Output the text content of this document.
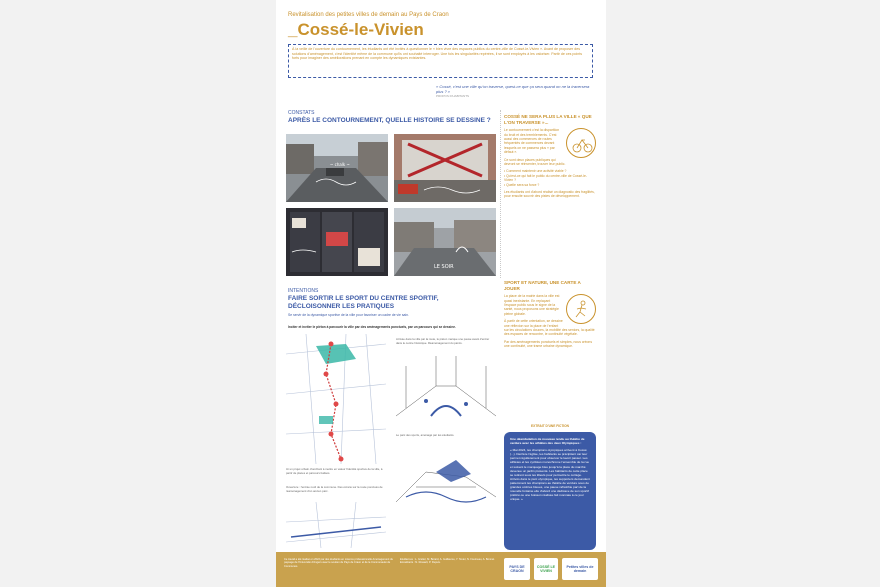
Revitalisation des petites villes de demain au Pays de Craon
_Cossé-le-Vivien
À la veille de l'ouverture du contournement, les étudiants ont été invités à questionner le « bien vivre des espaces publics du centre-ville de Cossé-le-Vivien ». Avant de proposer des solutions d'aménagement, c'est l'identité même de la commune qu'ils ont souhaité interroger. Une fois les singularités repérées, il se sont employés à les valoriser. Partir de ces points forts pour imaginer des améliorations prenant en compte les dynamiques existantes.
« Cossé, c'est une ville qu'on traverse, quest-ce que ça sera quand on ne la traversera plus ? »
PROPOS D'HABITANTS
CONSTATS
APRÈS LE CONTOURNEMENT, QUELLE HISTOIRE SE DESSINE ?
~ chalk ~
LE SOIR
COSSÉ NE SERA PLUS LA VILLE « QUE L'ON TRAVERSE »...

Le contournement c'est la disparition du bruit et des tremblements. C'est aussi des commerces de routes fréquentés de commerces devant lesquels on ne passera plus « par défaut ».

Ce sont deux places publiques qui devront se réinventer, trouver leur public.

• Comment maintenir une activité viable ?
• Qu'est-ce qui fait le public du centre-ville de Cossé-le-Vivien ?
• Quelle sera sa force ?

Les étudiants ont d'abord réalisé un diagnostic des fragilités, pour ensuite souvrir des pistes de développement.

INTENTIONS
FAIRE SORTIR LE SPORT DU CENTRE SPORTIF, DÉCLOISONNER LES PRATIQUES
Se servir de la dynamique sportive de la ville pour favoriser un cadre de vie sain.
Inciter et inviter le piéton à parcourir la ville par des aménagements ponctuels, par un parcours qui se dessine.
Ici un projet urbain cherchant à mettre en valeur l'identité sportive de la ville, à partir de places et parcours balisés.
Arrivée dans la ville par la route, le piéton marque une pause avant d'entrer dans le centre historique. Réaménagement du parvis.
Le parc des sports, aménagé par les étudiants.
Ouverture : l'entrée nord de la commune. Des écrans sur la route ponctués de réaménagement d'un ancien parc.
SPORT ET NATURE, UNE CARTE A JOUER

La place de la mairie dans la ville est quasi inexistante. En replaçant l'espace public sous le signe de la santé, nous proposons une stratégie pleine globale.

À partir de cette orientation, se dessine une réflexion sur la place de l'enfant sur les circulations douces, la mobilité des seniors, la qualité des espaces de rencontre, le continuité végétale.

Par des aménagements ponctuels et simples, nous créons une continuité, une trame urbaine dynamique.

EXTRAIT D'UNE FICTION
Une déambulation de nouveau rendu au théâtre de verdure avec les athlètes des Jeux Olympiques :
« Mai 2024, les champions olympiques arrivent à Cossé (...). Derrière l'église, les habitants se précipitent car leur permet régulièrement pour observer le lavoir passer. Les athlètes et les cyclistes monochrome l'ensemble de la rue et suivent le marquage bleu jusqu'à la place du marché devenue un jardin présenté. Les habitants de cette place se retirent sous les tilleuls pour permettre le cortège. Arrivés dans le parc olympique, les supporters demandent patiemment les champions au théâtre de verdure sous de grandes ombres bleues, une pause rafraîchie part de la nouvelle fontaine elle d'abord une dédicace de son sportif préféré ou une boisson réalisée fait monnaie à ce jour unique. »
Ce travail a été réalisé en 2022 par des étudiants en Licence professionnelle Aménagement du paysage de l'Université d'Angers avec le soutien du Pays de Craon et de la Communauté de Communes.
Etudiant.es : L. Grelier, M. Bérard, A. Guillaume, Y. Texier, N. Fourneau, A. Bonnet. Encadrants : N. Rouault, P. Dupuis.
PAYS DE CRAON
COSSÉ LE VIVIEN
Petites villes de demain
